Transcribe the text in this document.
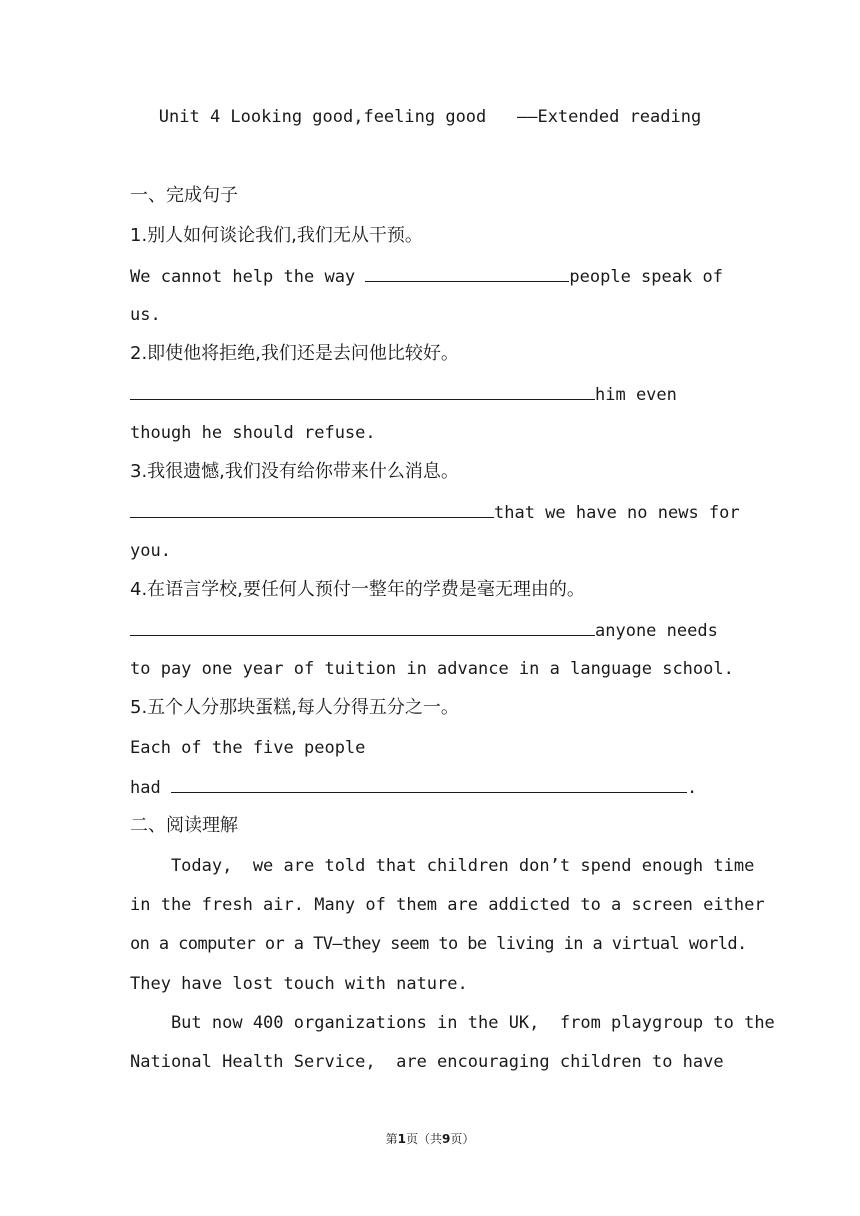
Unit 4 Looking good,feeling good   ——Extended reading
一、完成句子
1.别人如何谈论我们,我们无从干预。
We cannot help the way	people speak of
us.
2.即使他将拒绝,我们还是去问他比较好。
him even
though he should refuse.
3.我很遗憾,我们没有给你带来什么消息。
that we have no news for
you.
4.在语言学校,要任何人预付一整年的学费是毫无理由的。
anyone needs
to pay one year of tuition in advance in a language school.
5.五个人分那块蛋糕,每人分得五分之一。
Each of the five people
had	.
二、阅读理解
Today,  we are told that children don’t spend enough time
in the fresh air. Many of them are addicted to a screen either
on a computer or a TV—they seem to be living in a virtual world.
They have lost touch with nature.
But now 400 organizations in the UK,  from playgroup to the
National Health Service,  are encouraging children to have
第1页（共9页）
